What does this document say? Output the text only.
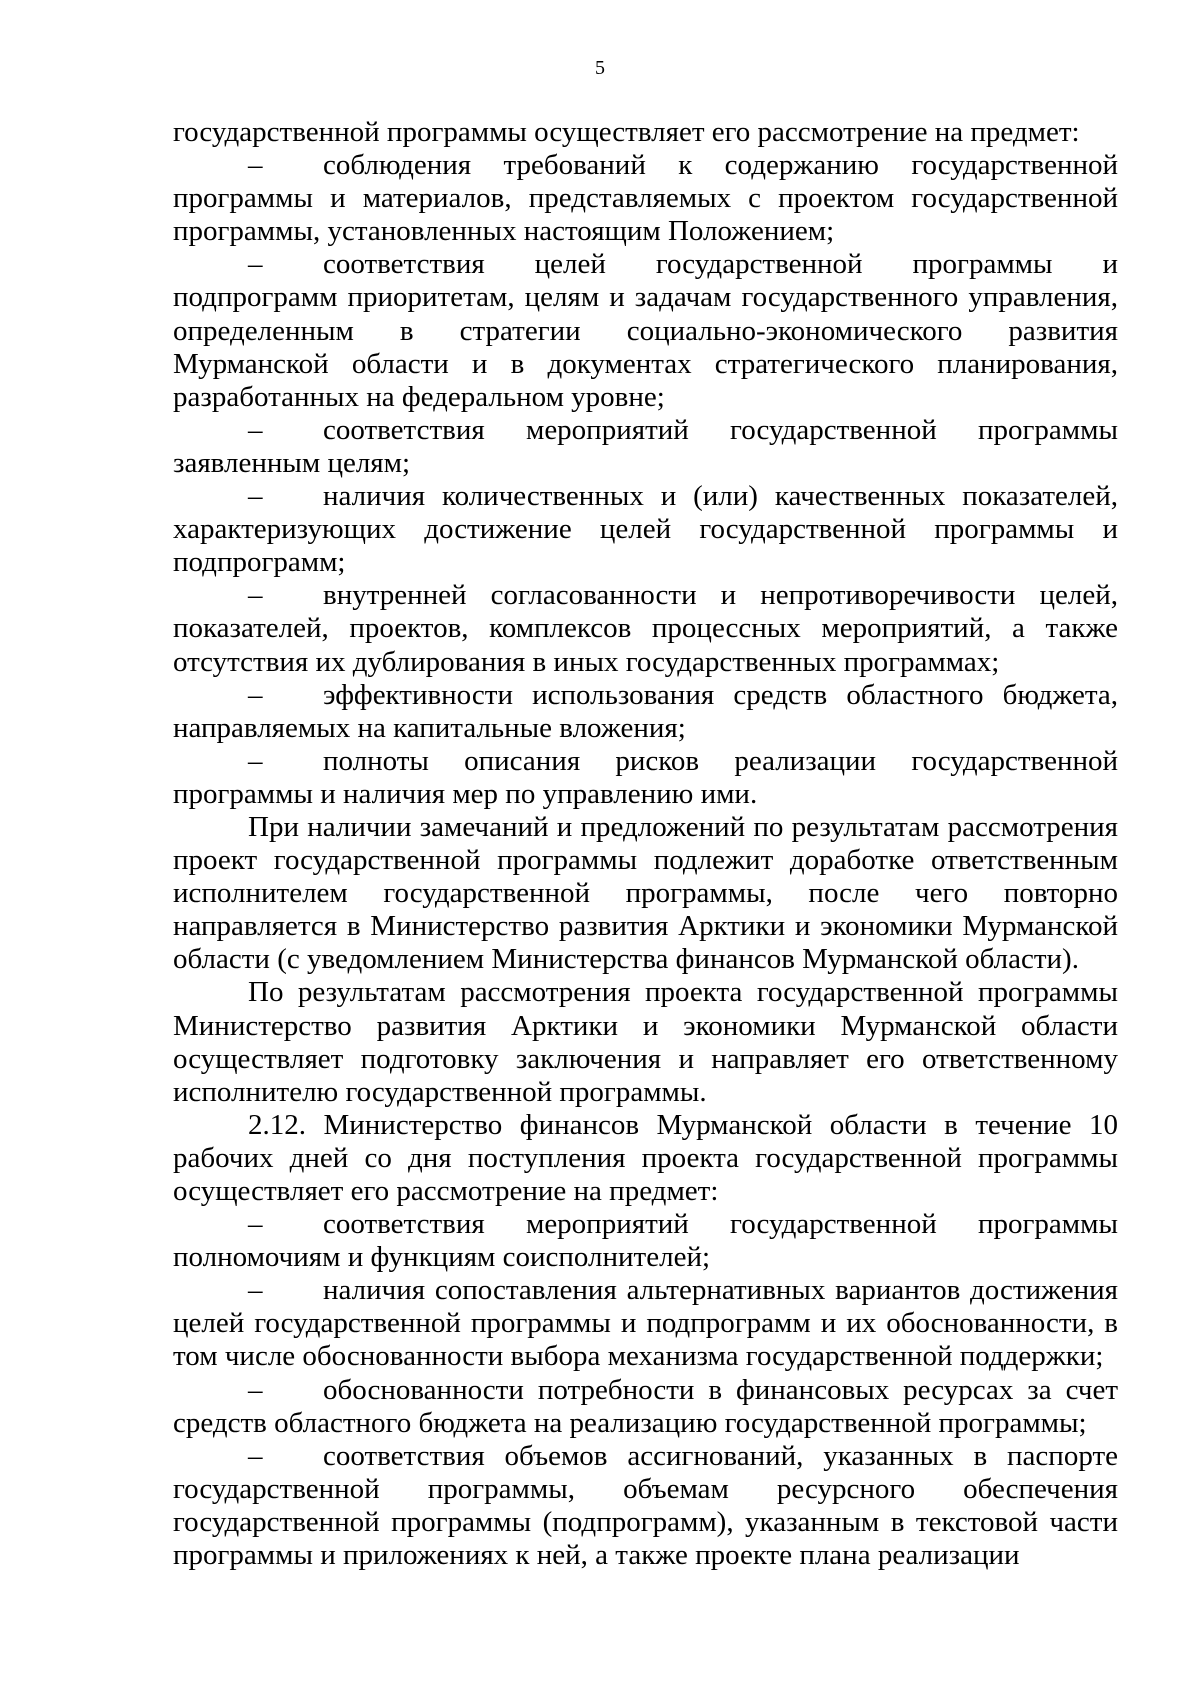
5

государственной программы осуществляет его рассмотрение на предмет:

– соблюдения требований к содержанию государственной программы и материалов, представляемых с проектом государственной программы, установленных настоящим Положением;

– соответствия целей государственной программы и подпрограмм приоритетам, целям и задачам государственного управления, определенным в стратегии социально-экономического развития Мурманской области и в документах стратегического планирования, разработанных на федеральном уровне;

– соответствия мероприятий государственной программы заявленным целям;

– наличия количественных и (или) качественных показателей, характеризующих достижение целей государственной программы и подпрограмм;

– внутренней согласованности и непротиворечивости целей, показателей, проектов, комплексов процессных мероприятий, а также отсутствия их дублирования в иных государственных программах;

– эффективности использования средств областного бюджета, направляемых на капитальные вложения;

– полноты описания рисков реализации государственной программы и наличия мер по управлению ими.

При наличии замечаний и предложений по результатам рассмотрения проект государственной программы подлежит доработке ответственным исполнителем государственной программы, после чего повторно направляется в Министерство развития Арктики и экономики Мурманской области (с уведомлением Министерства финансов Мурманской области).

По результатам рассмотрения проекта государственной программы Министерство развития Арктики и экономики Мурманской области осуществляет подготовку заключения и направляет его ответственному исполнителю государственной программы.

2.12. Министерство финансов Мурманской области в течение 10 рабочих дней со дня поступления проекта государственной программы осуществляет его рассмотрение на предмет:

– соответствия мероприятий государственной программы полномочиям и функциям соисполнителей;

– наличия сопоставления альтернативных вариантов достижения целей государственной программы и подпрограмм и их обоснованности, в том числе обоснованности выбора механизма государственной поддержки;

– обоснованности потребности в финансовых ресурсах за счет средств областного бюджета на реализацию государственной программы;

– соответствия объемов ассигнований, указанных в паспорте государственной программы, объемам ресурсного обеспечения государственной программы (подпрограмм), указанным в текстовой части программы и приложениях к ней, а также проекте плана реализации
